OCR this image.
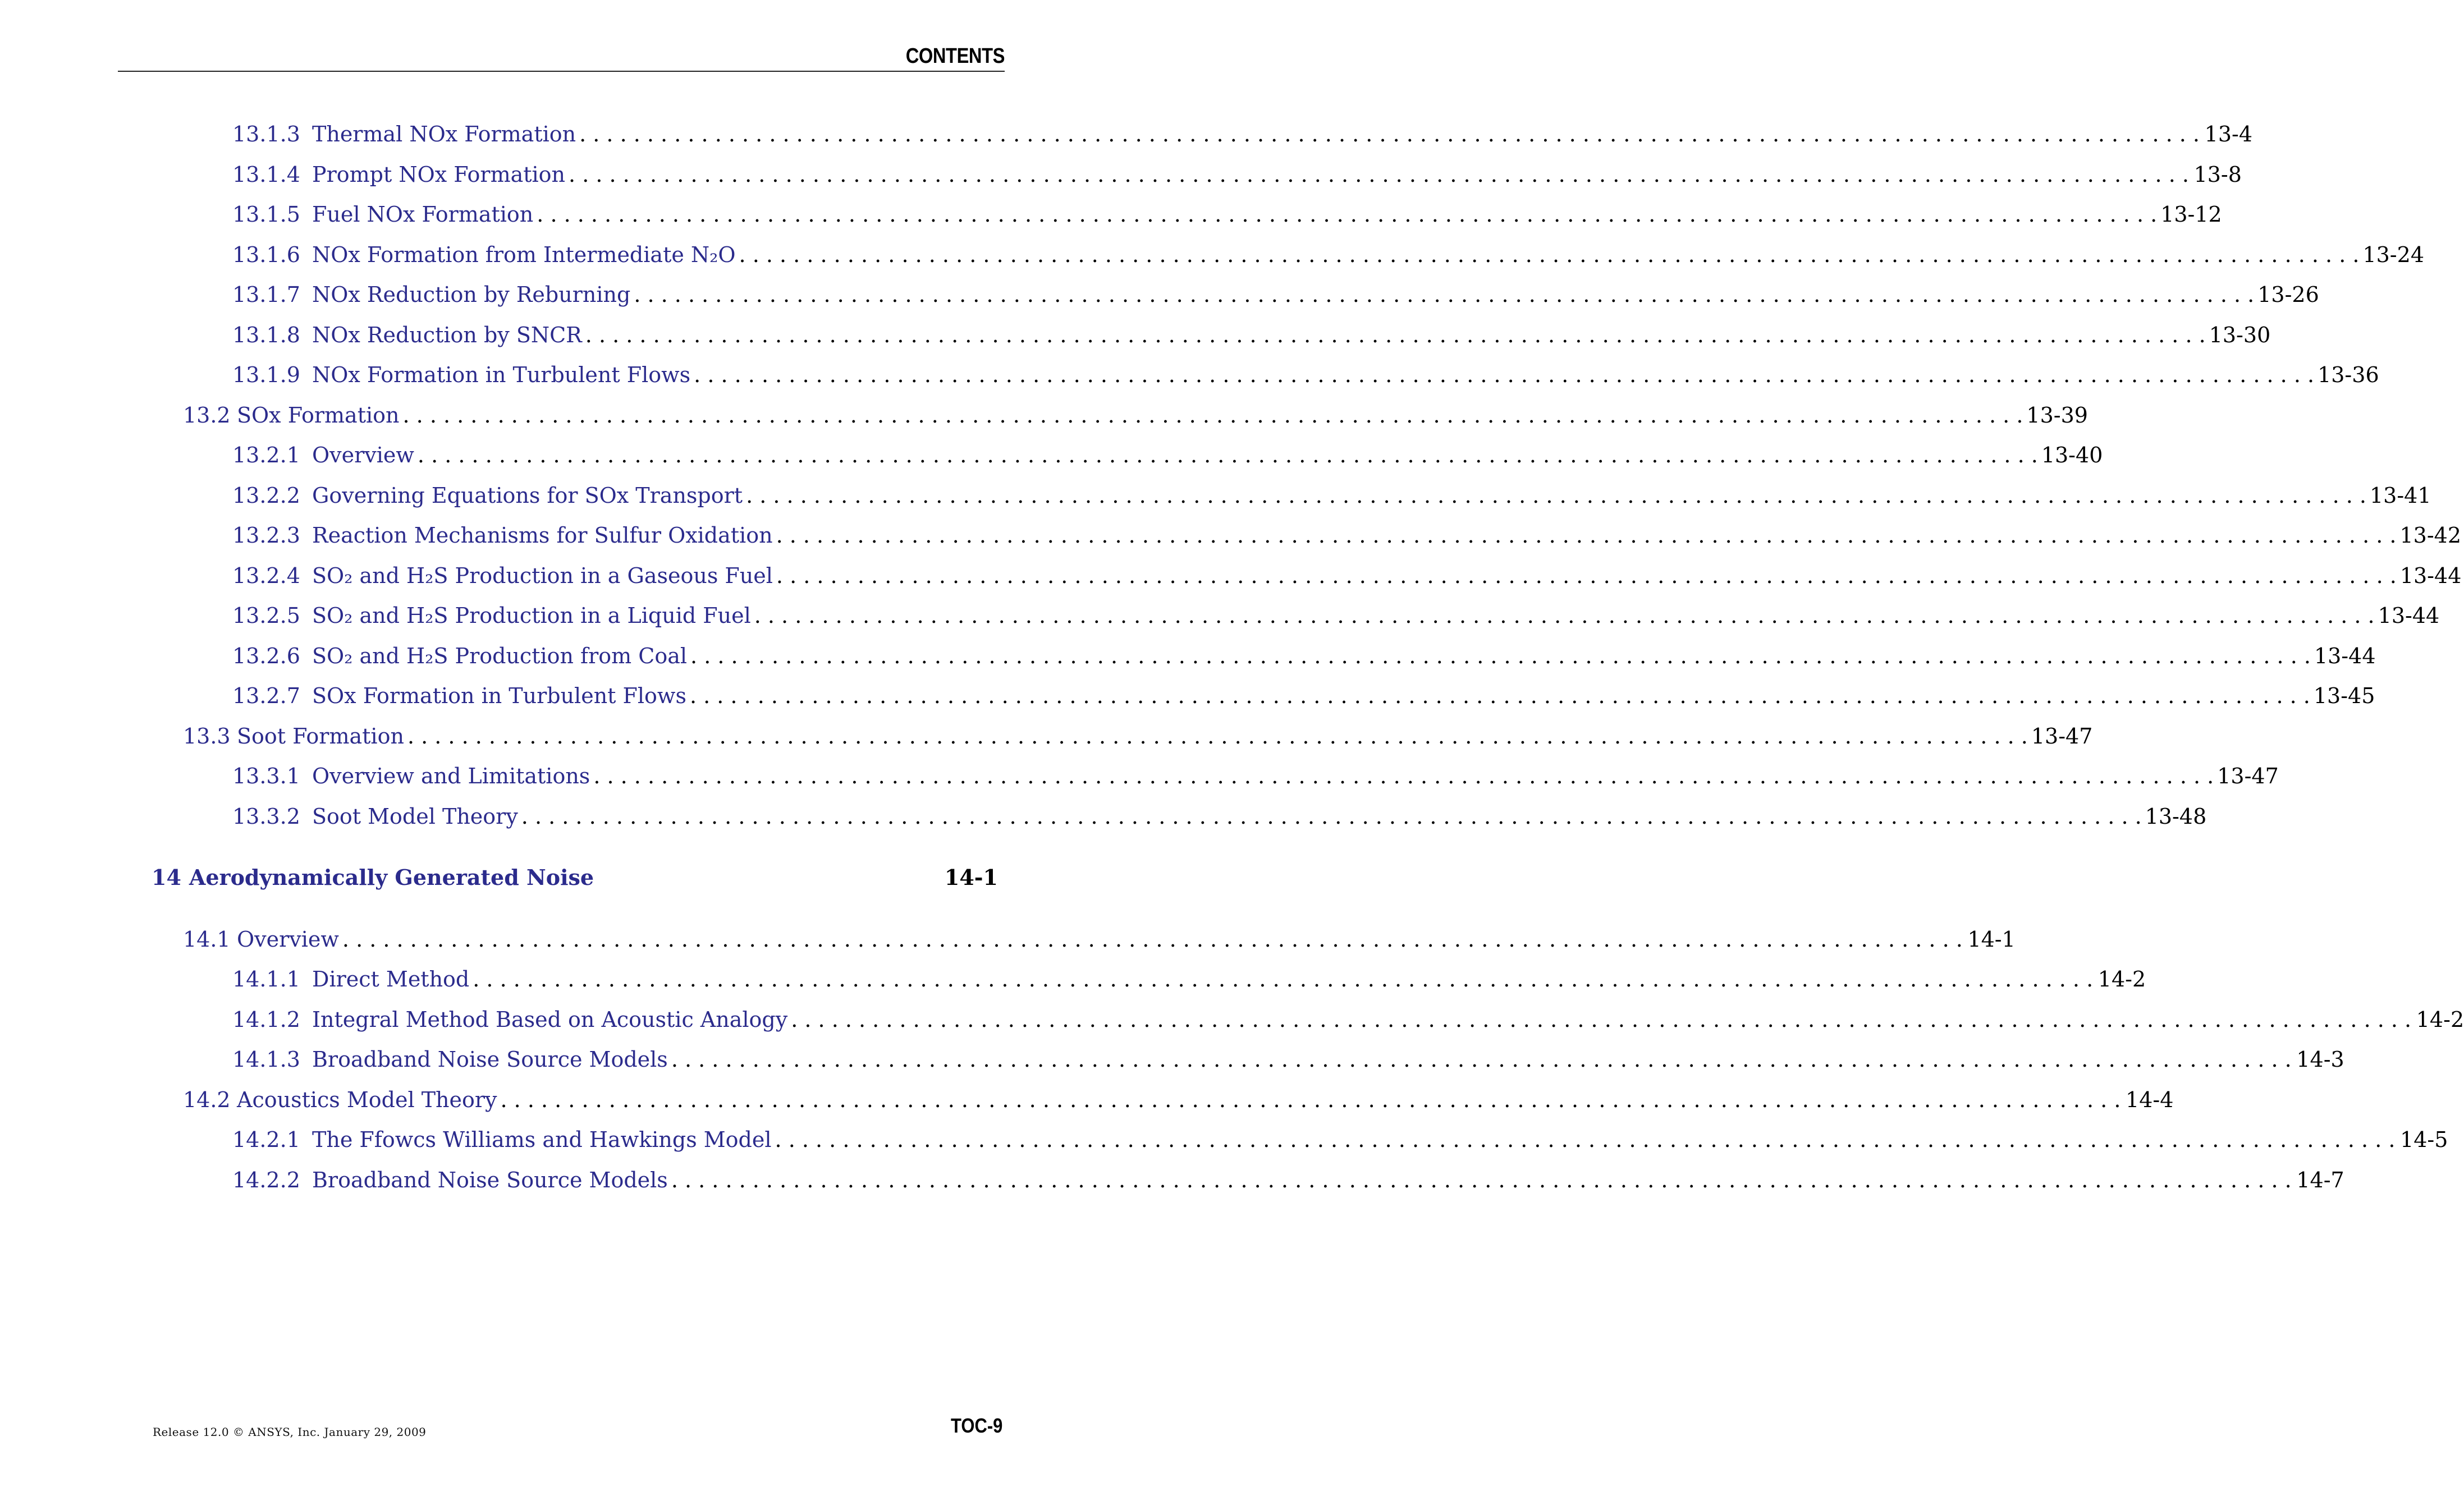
CONTENTS
13.1.3 Thermal NOx Formation . . . . . . . . . . . . . . . . . . . . . . . . . . . . . . . . . . . . . . . . . . . . . . . . . . . . . . . . . . . . . . . . . . . . . . . . . . . . . . . . . . . . . . . . . . . . . . . . . . . . . . . . . . . . . . . . . . . . . . . . 13-4
13.1.4 Prompt NOx Formation . . . . . . . . . . . . . . . . . . . . . . . . . . . . . . . . . . . . . . . . . . . . . . . . . . . . . . . . . . . . . . . . . . . . . . . . . . . . . . . . . . . . . . . . . . . . . . . . . . . . . . . . . . . . . . . . . . . . . . . . 13-8
13.1.5 Fuel NOx Formation . . . . . . . . . . . . . . . . . . . . . . . . . . . . . . . . . . . . . . . . . . . . . . . . . . . . . . . . . . . . . . . . . . . . . . . . . . . . . . . . . . . . . . . . . . . . . . . . . . . . . . . . . . . . . . . . . . . . . . . . 13-12
13.1.6 NOx Formation from Intermediate N₂O . . . . . . . . . . . . . . . . . . . . . . . . . . . . . . . . . . . . . . . . . . . . . . . . . . . . . . . . . . . . . . . . . . . . . . . . . . . . . . . . . . . . . . . . . . . . . . . . . . . . . . . . . . . . . . . . . . . . . . . . 13-24
13.1.7 NOx Reduction by Reburning . . . . . . . . . . . . . . . . . . . . . . . . . . . . . . . . . . . . . . . . . . . . . . . . . . . . . . . . . . . . . . . . . . . . . . . . . . . . . . . . . . . . . . . . . . . . . . . . . . . . . . . . . . . . . . . . . . . . . . . . 13-26
13.1.8 NOx Reduction by SNCR . . . . . . . . . . . . . . . . . . . . . . . . . . . . . . . . . . . . . . . . . . . . . . . . . . . . . . . . . . . . . . . . . . . . . . . . . . . . . . . . . . . . . . . . . . . . . . . . . . . . . . . . . . . . . . . . . . . . . . . . 13-30
13.1.9 NOx Formation in Turbulent Flows . . . . . . . . . . . . . . . . . . . . . . . . . . . . . . . . . . . . . . . . . . . . . . . . . . . . . . . . . . . . . . . . . . . . . . . . . . . . . . . . . . . . . . . . . . . . . . . . . . . . . . . . . . . . . . . . . . . . . . . . 13-36
13.2 SOx Formation . . . . . . . . . . . . . . . . . . . . . . . . . . . . . . . . . . . . . . . . . . . . . . . . . . . . . . . . . . . . . . . . . . . . . . . . . . . . . . . . . . . . . . . . . . . . . . . . . . . . . . . . . . . . . . . . . . . . . . . . 13-39
13.2.1 Overview . . . . . . . . . . . . . . . . . . . . . . . . . . . . . . . . . . . . . . . . . . . . . . . . . . . . . . . . . . . . . . . . . . . . . . . . . . . . . . . . . . . . . . . . . . . . . . . . . . . . . . . . . . . . . . . . . . . . . . . . 13-40
13.2.2 Governing Equations for SOx Transport . . . . . . . . . . . . . . . . . . . . . . . . . . . . . . . . . . . . . . . . . . . . . . . . . . . . . . . . . . . . . . . . . . . . . . . . . . . . . . . . . . . . . . . . . . . . . . . . . . . . . . . . . . . . . . . . . . . . . . . . 13-41
13.2.3 Reaction Mechanisms for Sulfur Oxidation . . . . . . . . . . . . . . . . . . . . . . . . . . . . . . . . . . . . . . . . . . . . . . . . . . . . . . . . . . . . . . . . . . . . . . . . . . . . . . . . . . . . . . . . . . . . . . . . . . . . . . . . . . . . . . . . . . . . . . . . 13-42
13.2.4 SO₂ and H₂S Production in a Gaseous Fuel . . . . . . . . . . . . . . . . . . . . . . . . . . . . . . . . . . . . . . . . . . . . . . . . . . . . . . . . . . . . . . . . . . . . . . . . . . . . . . . . . . . . . . . . . . . . . . . . . . . . . . . . . . . . . . . . . . . . . . . . 13-44
13.2.5 SO₂ and H₂S Production in a Liquid Fuel . . . . . . . . . . . . . . . . . . . . . . . . . . . . . . . . . . . . . . . . . . . . . . . . . . . . . . . . . . . . . . . . . . . . . . . . . . . . . . . . . . . . . . . . . . . . . . . . . . . . . . . . . . . . . . . . . . . . . . . . 13-44
13.2.6 SO₂ and H₂S Production from Coal . . . . . . . . . . . . . . . . . . . . . . . . . . . . . . . . . . . . . . . . . . . . . . . . . . . . . . . . . . . . . . . . . . . . . . . . . . . . . . . . . . . . . . . . . . . . . . . . . . . . . . . . . . . . . . . . . . . . . . . . 13-44
13.2.7 SOx Formation in Turbulent Flows . . . . . . . . . . . . . . . . . . . . . . . . . . . . . . . . . . . . . . . . . . . . . . . . . . . . . . . . . . . . . . . . . . . . . . . . . . . . . . . . . . . . . . . . . . . . . . . . . . . . . . . . . . . . . . . . . . . . . . . . 13-45
13.3 Soot Formation . . . . . . . . . . . . . . . . . . . . . . . . . . . . . . . . . . . . . . . . . . . . . . . . . . . . . . . . . . . . . . . . . . . . . . . . . . . . . . . . . . . . . . . . . . . . . . . . . . . . . . . . . . . . . . . . . . . . . . . . 13-47
13.3.1 Overview and Limitations . . . . . . . . . . . . . . . . . . . . . . . . . . . . . . . . . . . . . . . . . . . . . . . . . . . . . . . . . . . . . . . . . . . . . . . . . . . . . . . . . . . . . . . . . . . . . . . . . . . . . . . . . . . . . . . . . . . . . . . . 13-47
13.3.2 Soot Model Theory . . . . . . . . . . . . . . . . . . . . . . . . . . . . . . . . . . . . . . . . . . . . . . . . . . . . . . . . . . . . . . . . . . . . . . . . . . . . . . . . . . . . . . . . . . . . . . . . . . . . . . . . . . . . . . . . . . . . . . . . 13-48
14 Aerodynamically Generated Noise	14-1
14.1 Overview . . . . . . . . . . . . . . . . . . . . . . . . . . . . . . . . . . . . . . . . . . . . . . . . . . . . . . . . . . . . . . . . . . . . . . . . . . . . . . . . . . . . . . . . . . . . . . . . . . . . . . . . . . . . . . . . . . . . . . . . 14-1
14.1.1 Direct Method . . . . . . . . . . . . . . . . . . . . . . . . . . . . . . . . . . . . . . . . . . . . . . . . . . . . . . . . . . . . . . . . . . . . . . . . . . . . . . . . . . . . . . . . . . . . . . . . . . . . . . . . . . . . . . . . . . . . . . . . 14-2
14.1.2 Integral Method Based on Acoustic Analogy . . . . . . . . . . . . . . . . . . . . . . . . . . . . . . . . . . . . . . . . . . . . . . . . . . . . . . . . . . . . . . . . . . . . . . . . . . . . . . . . . . . . . . . . . . . . . . . . . . . . . . . . . . . . . . . . . . . . . . . . 14-2
14.1.3 Broadband Noise Source Models . . . . . . . . . . . . . . . . . . . . . . . . . . . . . . . . . . . . . . . . . . . . . . . . . . . . . . . . . . . . . . . . . . . . . . . . . . . . . . . . . . . . . . . . . . . . . . . . . . . . . . . . . . . . . . . . . . . . . . . . 14-3
14.2 Acoustics Model Theory . . . . . . . . . . . . . . . . . . . . . . . . . . . . . . . . . . . . . . . . . . . . . . . . . . . . . . . . . . . . . . . . . . . . . . . . . . . . . . . . . . . . . . . . . . . . . . . . . . . . . . . . . . . . . . . . . . . . . . . . 14-4
14.2.1 The Ffowcs Williams and Hawkings Model . . . . . . . . . . . . . . . . . . . . . . . . . . . . . . . . . . . . . . . . . . . . . . . . . . . . . . . . . . . . . . . . . . . . . . . . . . . . . . . . . . . . . . . . . . . . . . . . . . . . . . . . . . . . . . . . . . . . . . . . 14-5
14.2.2 Broadband Noise Source Models . . . . . . . . . . . . . . . . . . . . . . . . . . . . . . . . . . . . . . . . . . . . . . . . . . . . . . . . . . . . . . . . . . . . . . . . . . . . . . . . . . . . . . . . . . . . . . . . . . . . . . . . . . . . . . . . . . . . . . . . 14-7
Release 12.0 © ANSYS, Inc. January 29, 2009	TOC-9
